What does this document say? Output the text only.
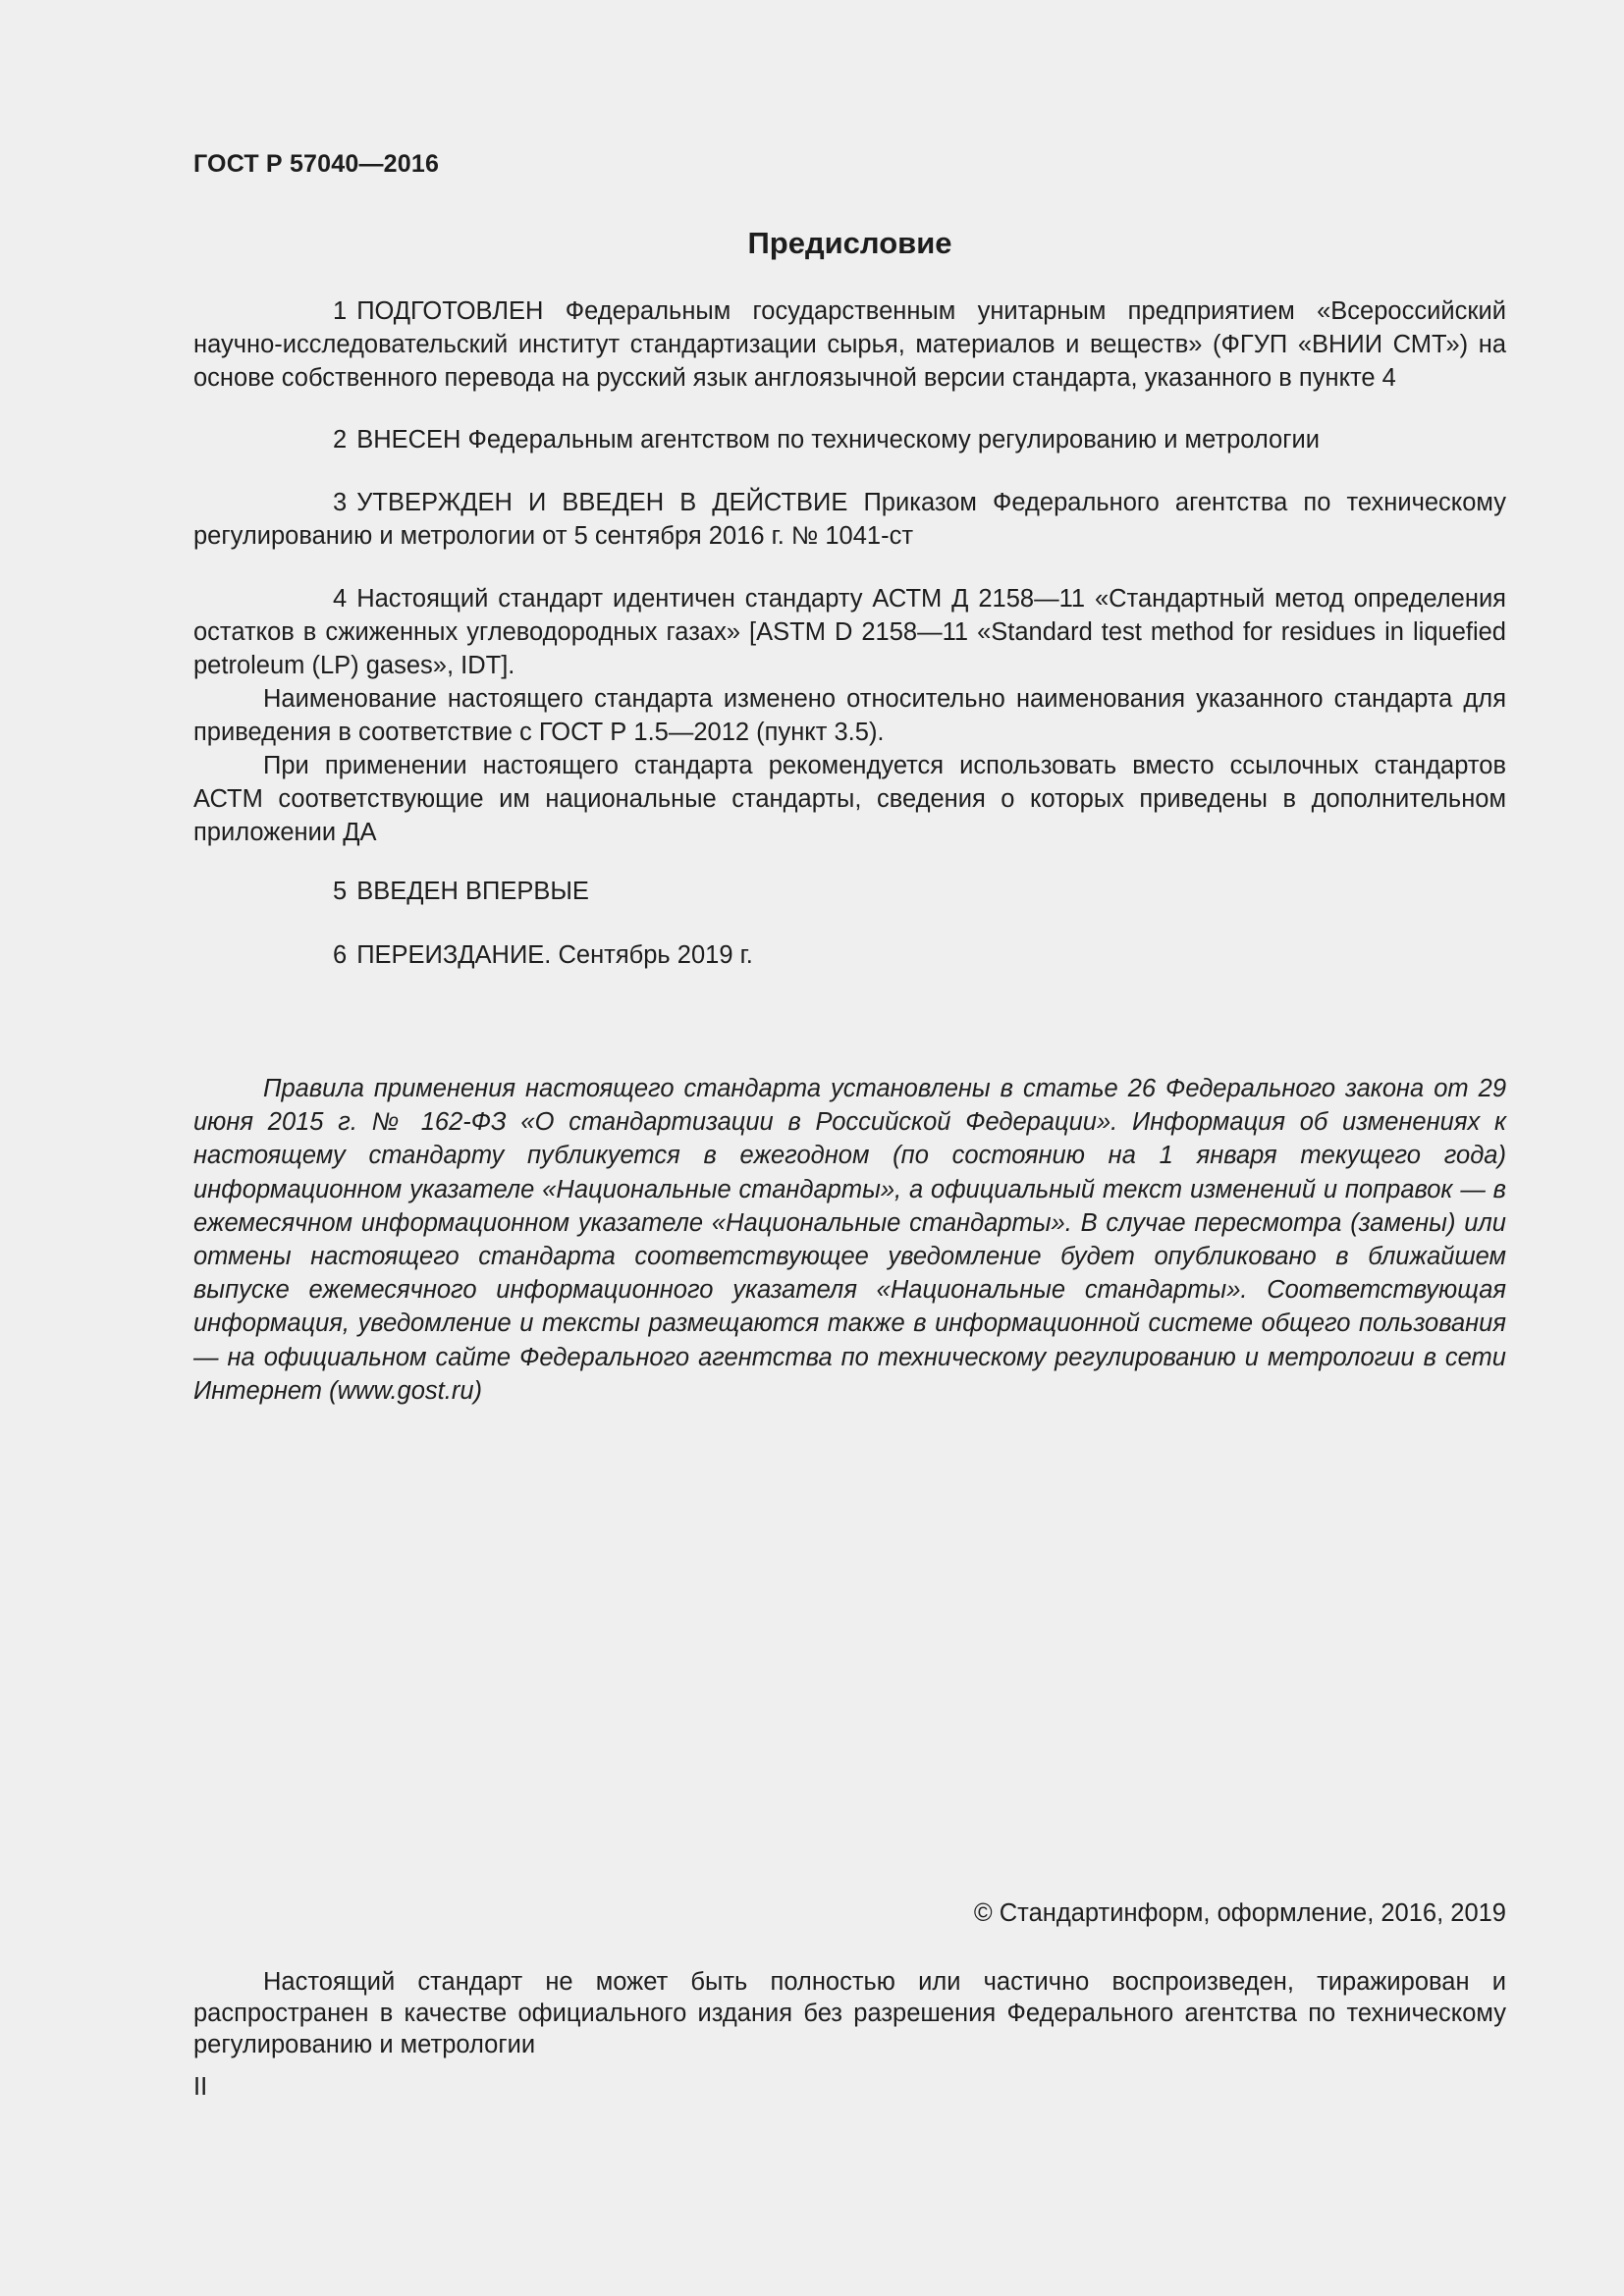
ГОСТ Р 57040—2016
Предисловие

1 ПОДГОТОВЛЕН Федеральным государственным унитарным предприятием «Всероссийский научно-исследовательский институт стандартизации сырья, материалов и веществ» (ФГУП «ВНИИ СМТ») на основе собственного перевода на русский язык англоязычной версии стандарта, указанного в пункте 4

2 ВНЕСЕН Федеральным агентством по техническому регулированию и метрологии

3 УТВЕРЖДЕН И ВВЕДЕН В ДЕЙСТВИЕ Приказом Федерального агентства по техническому регулированию и метрологии от 5 сентября 2016 г. № 1041-ст

4 Настоящий стандарт идентичен стандарту АСТМ Д 2158—11 «Стандартный метод определения остатков в сжиженных углеводородных газах» [ASTM D 2158—11 «Standard test method for residues in liquefied petroleum (LP) gases», IDT].

Наименование настоящего стандарта изменено относительно наименования указанного стандарта для приведения в соответствие с ГОСТ Р 1.5—2012 (пункт 3.5).

При применении настоящего стандарта рекомендуется использовать вместо ссылочных стандартов АСТМ соответствующие им национальные стандарты, сведения о которых приведены в дополнительном приложении ДА

5 ВВЕДЕН ВПЕРВЫЕ

6 ПЕРЕИЗДАНИЕ. Сентябрь 2019 г.

Правила применения настоящего стандарта установлены в статье 26 Федерального закона от 29 июня 2015 г. № 162-ФЗ «О стандартизации в Российской Федерации». Информация об изменениях к настоящему стандарту публикуется в ежегодном (по состоянию на 1 января текущего года) информационном указателе «Национальные стандарты», а официальный текст изменений и поправок — в ежемесячном информационном указателе «Национальные стандарты». В случае пересмотра (замены) или отмены настоящего стандарта соответствующее уведомление будет опубликовано в ближайшем выпуске ежемесячного информационного указателя «Национальные стандарты». Соответствующая информация, уведомление и тексты размещаются также в информационной системе общего пользования — на официальном сайте Федерального агентства по техническому регулированию и метрологии в сети Интернет (www.gost.ru)

© Стандартинформ, оформление, 2016, 2019

Настоящий стандарт не может быть полностью или частично воспроизведен, тиражирован и распространен в качестве официального издания без разрешения Федерального агентства по техническому регулированию и метрологии

II
